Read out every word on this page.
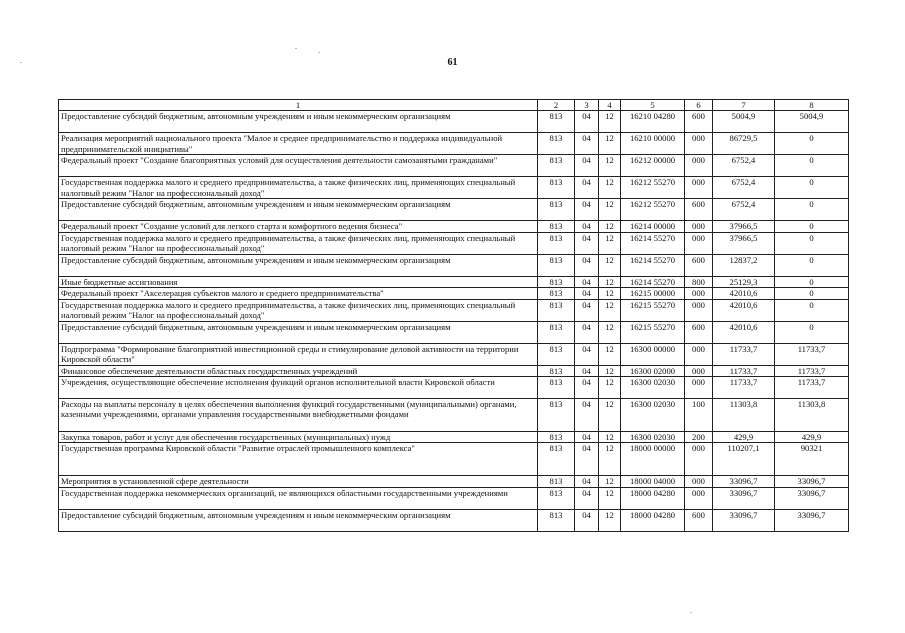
61
1	2	3	4	5	6	7	8
Предоставление субсидий бюджетным, автономным учреждениям и иным некоммерческим организациям	813	04	12	16210 04280	600	5004,9	5004,9
Реализация мероприятий национального проекта "Малое и среднее предпринимательство и поддержка индивидуальной предпринимательской инициативы"	813	04	12	16210 00000	000	86729,5	0
Федеральный проект "Создание благоприятных условий для осуществления деятельности самозанятыми гражданами"	813	04	12	16212 00000	000	6752,4	0
Государственная поддержка малого и среднего предпринимательства, а также физических лиц, применяющих специальный налоговый режим "Налог на профессиональный доход"	813	04	12	16212 55270	000	6752,4	0
Предоставление субсидий бюджетным, автономным учреждениям и иным некоммерческим организациям	813	04	12	16212 55270	600	6752,4	0
Федеральный проект "Создание условий для легкого старта и комфортного ведения бизнеса"	813	04	12	16214 00000	000	37966,5	0
Государственная поддержка малого и среднего предпринимательства, а также физических лиц, применяющих специальный налоговый режим "Налог на профессиональный доход"	813	04	12	16214 55270	000	37966,5	0
Предоставление субсидий бюджетным, автономным учреждениям и иным некоммерческим организациям	813	04	12	16214 55270	600	12837,2	0
Иные бюджетные ассигнования	813	04	12	16214 55270	800	25129,3	0
Федеральный проект "Акселерация субъектов малого и среднего предпринимательства"	813	04	12	16215 00000	000	42010,6	0
Государственная поддержка малого и среднего предпринимательства, а также физических лиц, применяющих специальный налоговый режим "Налог на профессиональный доход"	813	04	12	16215 55270	000	42010,6	0
Предоставление субсидий бюджетным, автономным учреждениям и иным некоммерческим организациям	813	04	12	16215 55270	600	42010,6	0
Подпрограмма "Формирование благоприятной инвестиционной среды и стимулирование деловой активности на территории Кировской области"	813	04	12	16300 00000	000	11733,7	11733,7
Финансовое обеспечение деятельности областных государственных учреждений	813	04	12	16300 02000	000	11733,7	11733,7
Учреждения, осуществляющие обеспечение исполнения функций органов исполнительной власти Кировской области	813	04	12	16300 02030	000	11733,7	11733,7
Расходы на выплаты персоналу в целях обеспечения выполнения функций государственными (муниципальными) органами, казенными учреждениями, органами управления государственными внебюджетными фондами	813	04	12	16300 02030	100	11303,8	11303,8
Закупка товаров, работ и услуг для обеспечения государственных (муниципальных) нужд	813	04	12	16300 02030	200	429,9	429,9
Государственная программа Кировской области "Развитие отраслей промышленного комплекса"	813	04	12	18000 00000	000	110207,1	90321
Мероприятия в установленной сфере деятельности	813	04	12	18000 04000	000	33096,7	33096,7
Государственная поддержка некоммерческих организаций, не являющихся областными государственными учреждениями	813	04	12	18000 04280	000	33096,7	33096,7
Предоставление субсидий бюджетным, автономным учреждениям и иным некоммерческим организациям	813	04	12	18000 04280	600	33096,7	33096,7
